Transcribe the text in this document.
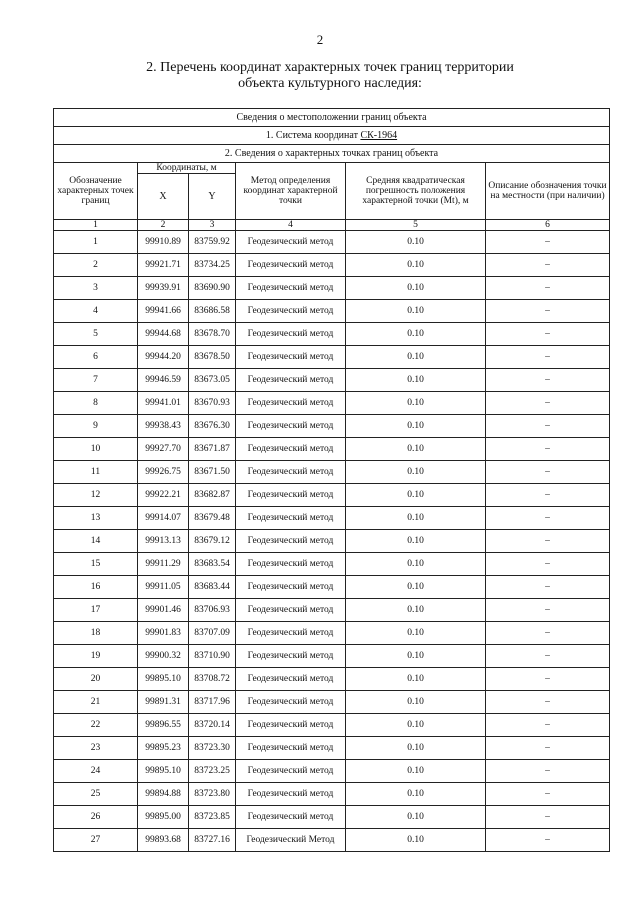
2
2. Перечень координат характерных точек границ территории
объекта культурного наследия:
Сведения о местоположении границ объекта					
1. Система координат СК-1964					
2. Сведения о характерных точках границ объекта					
Обозначение характерных точек границ	Координаты, м		Метод определения координат характерной точки	Средняя квадратическая погрешность положения характерной точки (Mt), м	Описание обозначения точки на местности (при наличии)
	X	Y			
1	2	3	4	5	6
1	99910.89	83759.92	Геодезический метод	0.10	–
2	99921.71	83734.25	Геодезический метод	0.10	–
3	99939.91	83690.90	Геодезический метод	0.10	–
4	99941.66	83686.58	Геодезический метод	0.10	–
5	99944.68	83678.70	Геодезический метод	0.10	–
6	99944.20	83678.50	Геодезический метод	0.10	–
7	99946.59	83673.05	Геодезический метод	0.10	–
8	99941.01	83670.93	Геодезический метод	0.10	–
9	99938.43	83676.30	Геодезический метод	0.10	–
10	99927.70	83671.87	Геодезический метод	0.10	–
11	99926.75	83671.50	Геодезический метод	0.10	–
12	99922.21	83682.87	Геодезический метод	0.10	–
13	99914.07	83679.48	Геодезический метод	0.10	–
14	99913.13	83679.12	Геодезический метод	0.10	–
15	99911.29	83683.54	Геодезический метод	0.10	–
16	99911.05	83683.44	Геодезический метод	0.10	–
17	99901.46	83706.93	Геодезический метод	0.10	–
18	99901.83	83707.09	Геодезический метод	0.10	–
19	99900.32	83710.90	Геодезический метод	0.10	–
20	99895.10	83708.72	Геодезический метод	0.10	–
21	99891.31	83717.96	Геодезический метод	0.10	–
22	99896.55	83720.14	Геодезический метод	0.10	–
23	99895.23	83723.30	Геодезический метод	0.10	–
24	99895.10	83723.25	Геодезический метод	0.10	–
25	99894.88	83723.80	Геодезический метод	0.10	–
26	99895.00	83723.85	Геодезический метод	0.10	–
27	99893.68	83727.16	Геодезический Метод	0.10	–
